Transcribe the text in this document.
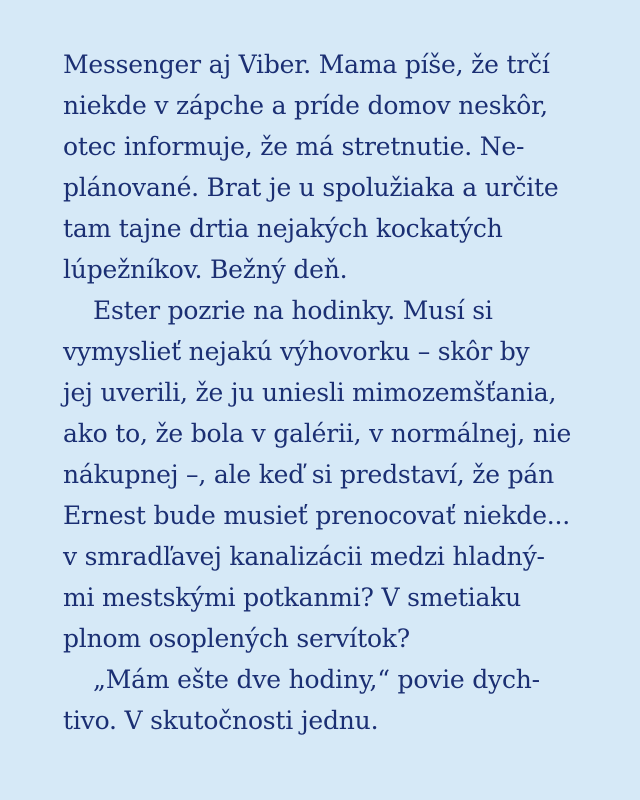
Messenger aj Viber. Mama píše, že trčí
niekde v zápche a príde domov neskôr,
otec informuje, že má stretnutie. Ne-
plánované. Brat je u spolužiaka a určite
tam tajne drtia nejakých kockatých
lúpežníkov. Bežný deň.
Ester pozrie na hodinky. Musí si
vymyslieť nejakú výhovorku – skôr by
jej uverili, že ju uniesli mimozemšťania,
ako to, že bola v galérii, v normálnej, nie
nákupnej –, ale keď si predstaví, že pán
Ernest bude musieť prenocovať niekde...
v smradľavej kanalizácii medzi hladný-
mi mestskými potkanmi? V smetiaku
plnom osoplených servítok?
„Mám ešte dve hodiny,“ povie dych-
tivo. V skutočnosti jednu.
